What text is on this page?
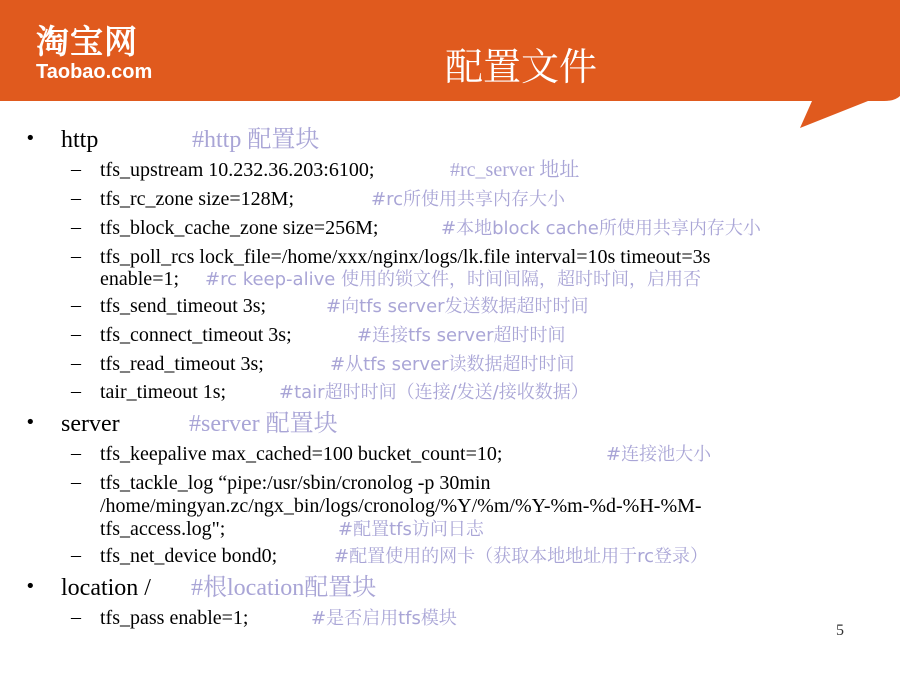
淘宝网
Taobao.com	配置文件
• http	#http 配置块
– tfs_upstream 10.232.36.203:6100;	#rc_server 地址
– tfs_rc_zone size=128M;	#rc所使用共享内存大小
– tfs_block_cache_zone size=256M;	#本地block cache所使用共享内存大小
– tfs_poll_rcs lock_file=/home/xxx/nginx/logs/lk.file interval=10s timeout=3s
enable=1; #rc keep-alive 使用的锁文件，时间间隔，超时时间，启用否
– tfs_send_timeout 3s;	#向tfs server发送数据超时时间
– tfs_connect_timeout 3s;	#连接tfs server超时时间
– tfs_read_timeout 3s;	#从tfs server读数据超时时间
– tair_timeout 1s;	#tair超时时间（连接/发送/接收数据）
• server	#server 配置块
– tfs_keepalive max_cached=100 bucket_count=10;	#连接池大小
– tfs_tackle_log “pipe:/usr/sbin/cronolog -p 30min
/home/mingyan.zc/ngx_bin/logs/cronolog/%Y/%m/%Y-%m-%d-%H-%M-
tfs_access.log";	#配置tfs访问日志
– tfs_net_device bond0;	#配置使用的网卡（获取本地地址用于rc登录）
• location / #根location配置块
– tfs_pass enable=1;	#是否启用tfs模块
5
